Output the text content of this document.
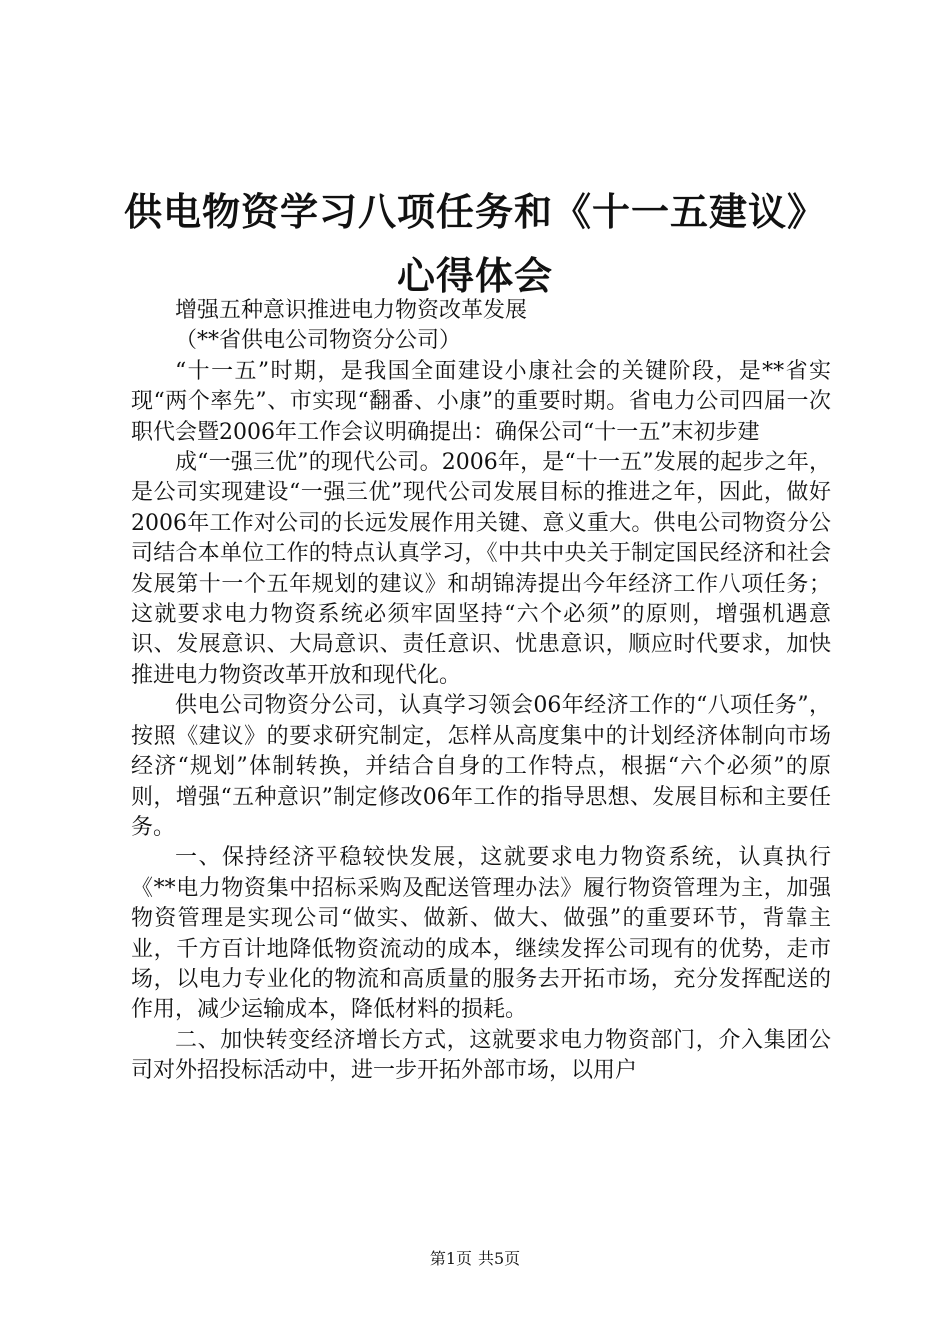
供电物资学习八项任务和《十一五建议》心得体会

增强五种意识推进电力物资改革发展

（**省供电公司物资分公司）

“十一五”时期，是我国全面建设小康社会的关键阶段，是**省实现“两个率先”、市实现“翻番、小康”的重要时期。省电力公司四届一次职代会暨2006年工作会议明确提出：确保公司“十一五”末初步建

成“一强三优”的现代公司。2006年，是“十一五”发展的起步之年，是公司实现建设“一强三优”现代公司发展目标的推进之年，因此，做好2006年工作对公司的长远发展作用关键、意义重大。供电公司物资分公司结合本单位工作的特点认真学习，《中共中央关于制定国民经济和社会发展第十一个五年规划的建议》和胡锦涛提出今年经济工作八项任务；这就要求电力物资系统必须牢固坚持“六个必须”的原则，增强机遇意识、发展意识、大局意识、责任意识、忧患意识，顺应时代要求，加快推进电力物资改革开放和现代化。

供电公司物资分公司，认真学习领会06年经济工作的“八项任务”，按照《建议》的要求研究制定，怎样从高度集中的计划经济体制向市场经济“规划”体制转换，并结合自身的工作特点，根据“六个必须”的原则，增强“五种意识”制定修改06年工作的指导思想、发展目标和主要任务。

一、保持经济平稳较快发展，这就要求电力物资系统，认真执行《**电力物资集中招标采购及配送管理办法》履行物资管理为主，加强物资管理是实现公司“做实、做新、做大、做强”的重要环节，背靠主业，千方百计地降低物资流动的成本，继续发挥公司现有的优势，走市场，以电力专业化的物流和高质量的服务去开拓市场，充分发挥配送的作用，减少运输成本，降低材料的损耗。

二、加快转变经济增长方式，这就要求电力物资部门，介入集团公司对外招投标活动中，进一步开拓外部市场，以用户

第1页 共5页
